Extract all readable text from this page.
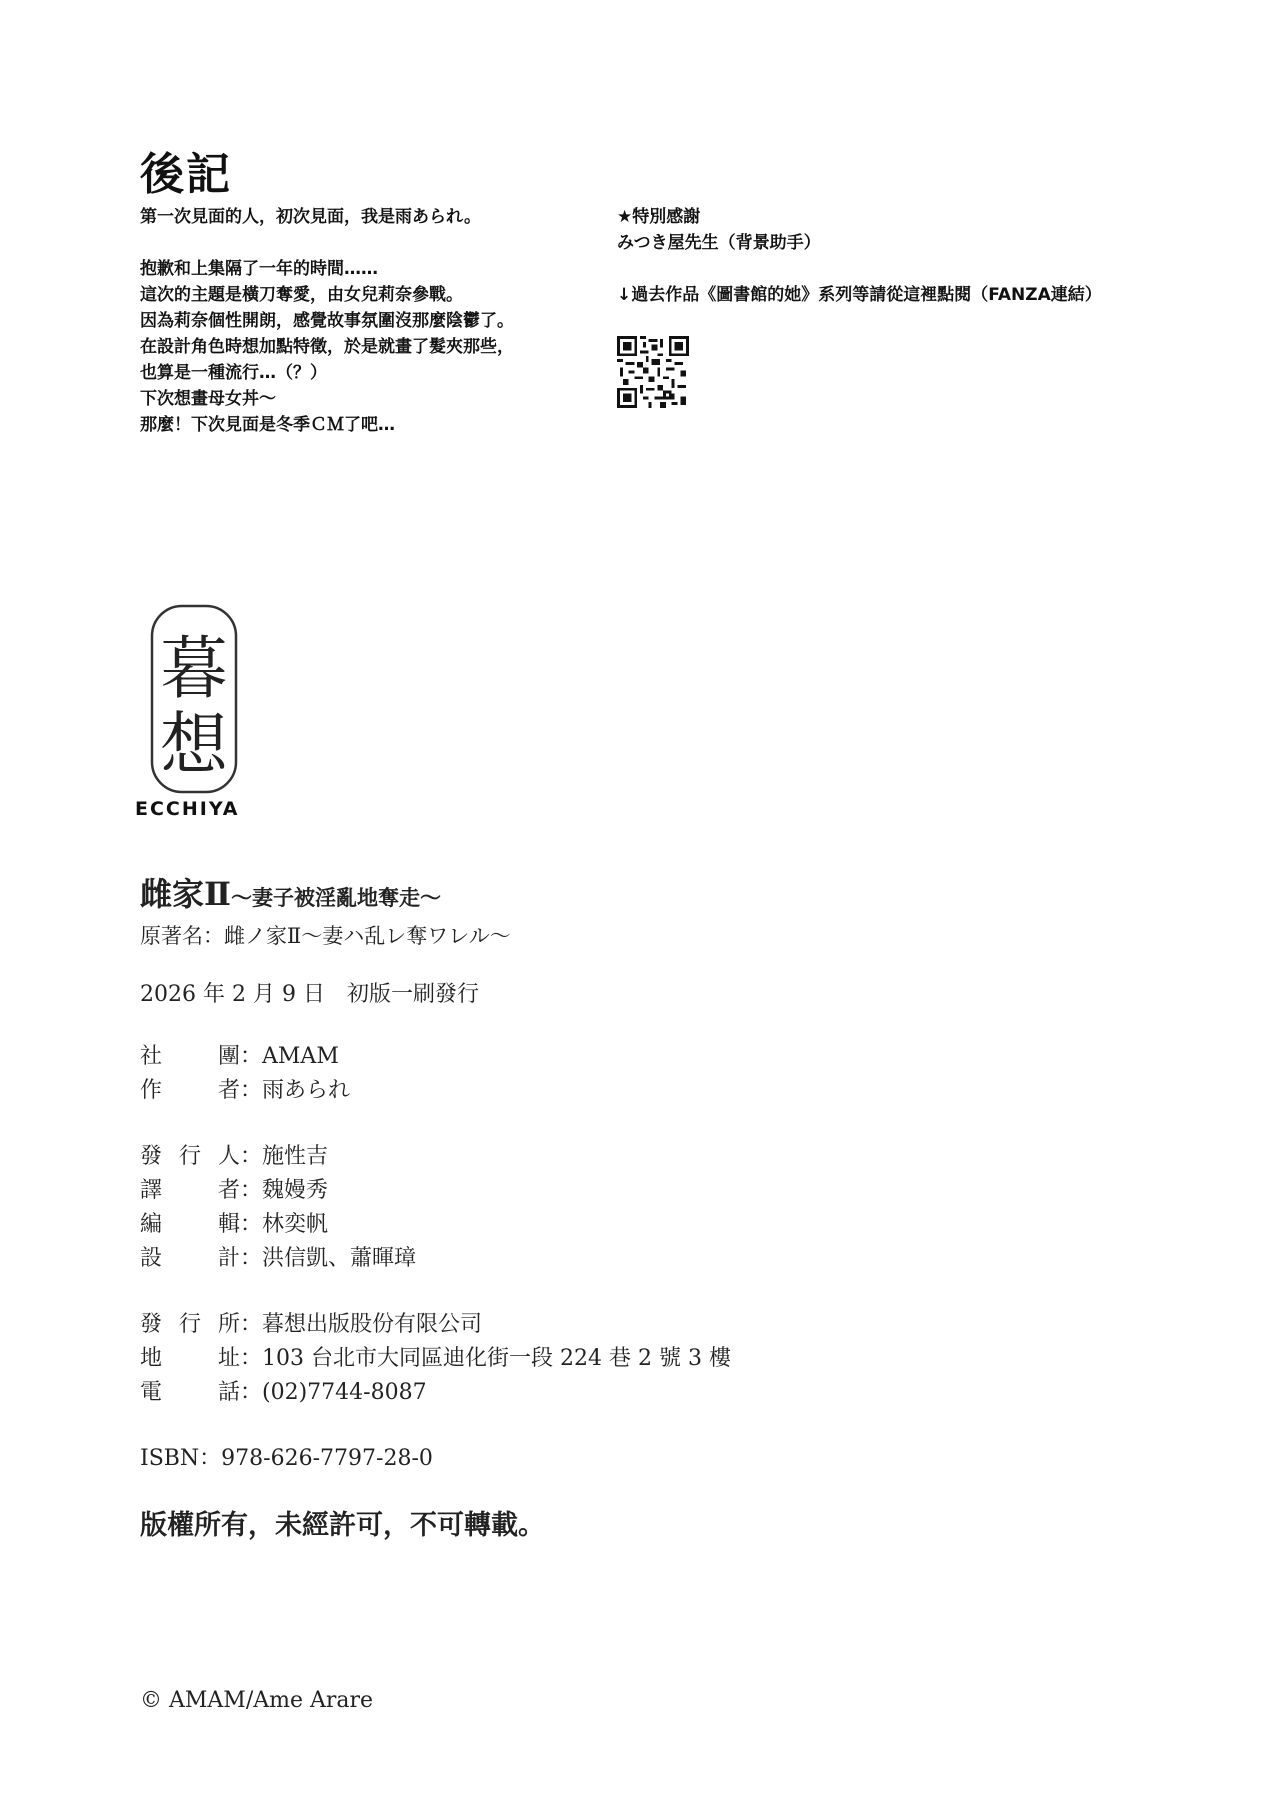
後記
第一次見面的人，初次見面，我是雨あられ。
抱歉和上集隔了一年的時間……
這次的主題是橫刀奪愛，由女兒莉奈參戰。
因為莉奈個性開朗，感覺故事氛圍沒那麼陰鬱了。
在設計角色時想加點特徵，於是就畫了髮夾那些，
也算是一種流行…（？）
下次想畫母女丼～
那麼！下次見面是冬季ＣＭ了吧…
★特別感謝
みつき屋先生（背景助手）
↓過去作品《圖書館的她》系列等請從這裡點閱（FANZA連結）
暮
想
ECCHIYA
雌家Ⅱ～妻子被淫亂地奪走～
原著名：雌ノ家Ⅱ～妻ハ乱レ奪ワレル～
2026 年 2 月 9 日　初版一刷發行
社　團 ： AMAM
作　者 ： 雨あられ
發行人 ： 施性吉
譯　者 ： 魏嫚秀
編　輯 ： 林奕帆
設　計 ： 洪信凱、蕭暉璋
發行所 ： 暮想出版股份有限公司
地　址 ： 103 台北市大同區迪化街一段 224 巷 2 號 3 樓
電　話 ： (02)7744-8087
ISBN：978-626-7797-28-0
版權所有，未經許可，不可轉載。
© AMAM/Ame Arare
